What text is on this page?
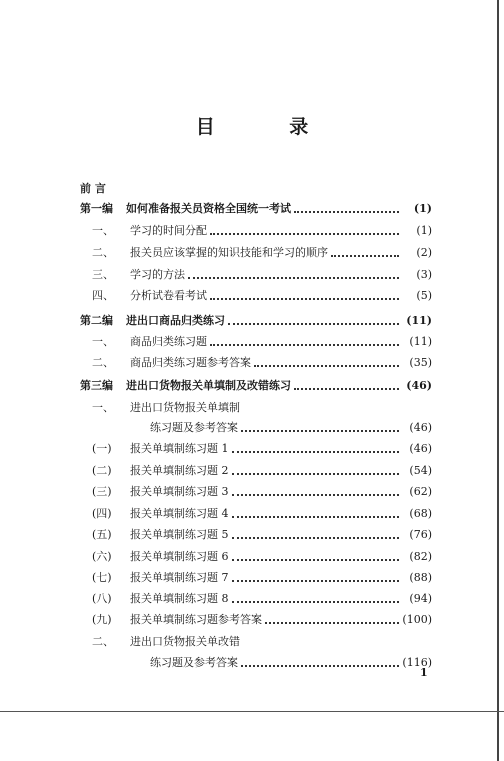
目 录
前 言
第一编	如何准备报关员资格全国统一考试	(1)
一、	学习的时间分配	(1)
二、	报关员应该掌握的知识技能和学习的顺序	(2)
三、	学习的方法	(3)
四、	分析试卷看考试	(5)
第二编	进出口商品归类练习	(11)
一、	商品归类练习题	(11)
二、	商品归类练习题参考答案	(35)
第三编	进出口货物报关单填制及改错练习	(46)
一、	进出口货物报关单填制
练习题及参考答案	(46)
(一)	报关单填制练习题 1	(46)
(二)	报关单填制练习题 2	(54)
(三)	报关单填制练习题 3	(62)
(四)	报关单填制练习题 4	(68)
(五)	报关单填制练习题 5	(76)
(六)	报关单填制练习题 6	(82)
(七)	报关单填制练习题 7	(88)
(八)	报关单填制练习题 8	(94)
(九)	报关单填制练习题参考答案	(100)
二、	进出口货物报关单改错
练习题及参考答案	(116)
1
